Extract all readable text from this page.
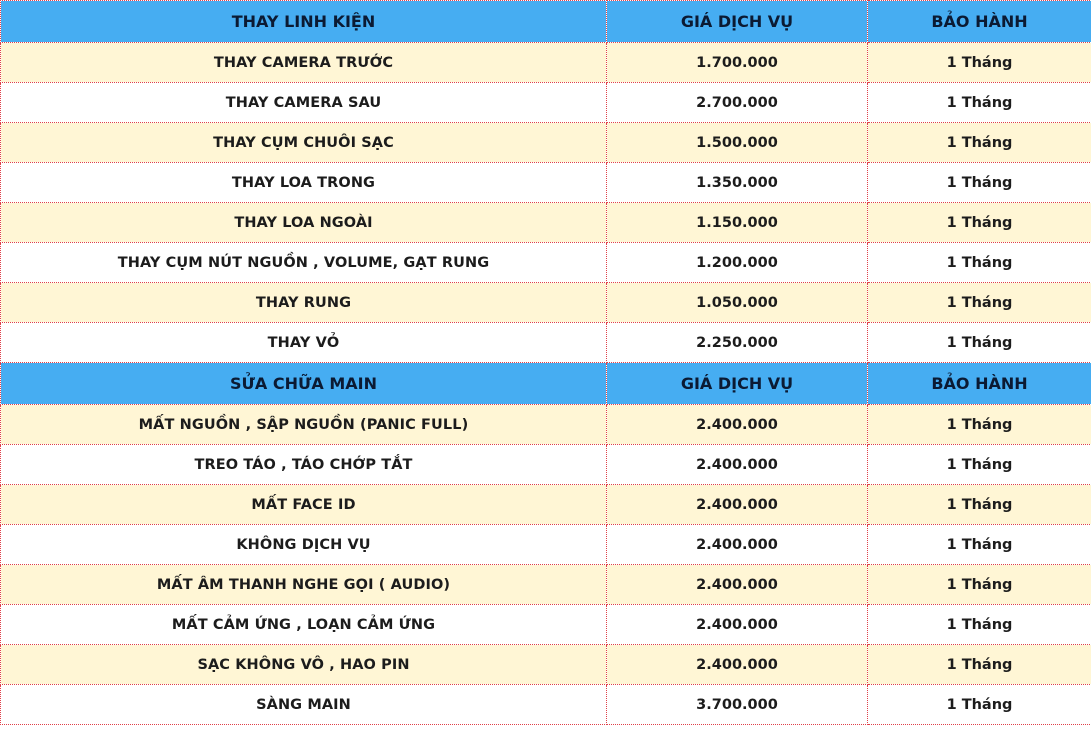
THAY LINH KIỆN	GIÁ DỊCH VỤ	BẢO HÀNH
THAY CAMERA TRƯỚC	1.700.000	1 Tháng
THAY CAMERA SAU	2.700.000	1 Tháng
THAY CỤM CHUÔI SẠC	1.500.000	1 Tháng
THAY LOA TRONG	1.350.000	1 Tháng
THAY LOA NGOÀI	1.150.000	1 Tháng
THAY CỤM NÚT NGUỒN , VOLUME, GẠT RUNG	1.200.000	1 Tháng
THAY RUNG	1.050.000	1 Tháng
THAY VỎ	2.250.000	1 Tháng
SỬA CHỮA MAIN	GIÁ DỊCH VỤ	BẢO HÀNH
MẤT NGUỒN , SẬP NGUỒN (PANIC FULL)	2.400.000	1 Tháng
TREO TÁO , TÁO CHỚP TẮT	2.400.000	1 Tháng
MẤT FACE ID	2.400.000	1 Tháng
KHÔNG DỊCH VỤ	2.400.000	1 Tháng
MẤT ÂM THANH NGHE GỌI ( AUDIO)	2.400.000	1 Tháng
MẤT CẢM ỨNG , LOẠN CẢM ỨNG	2.400.000	1 Tháng
SẠC KHÔNG VÔ , HAO PIN	2.400.000	1 Tháng
SÀNG MAIN	3.700.000	1 Tháng
